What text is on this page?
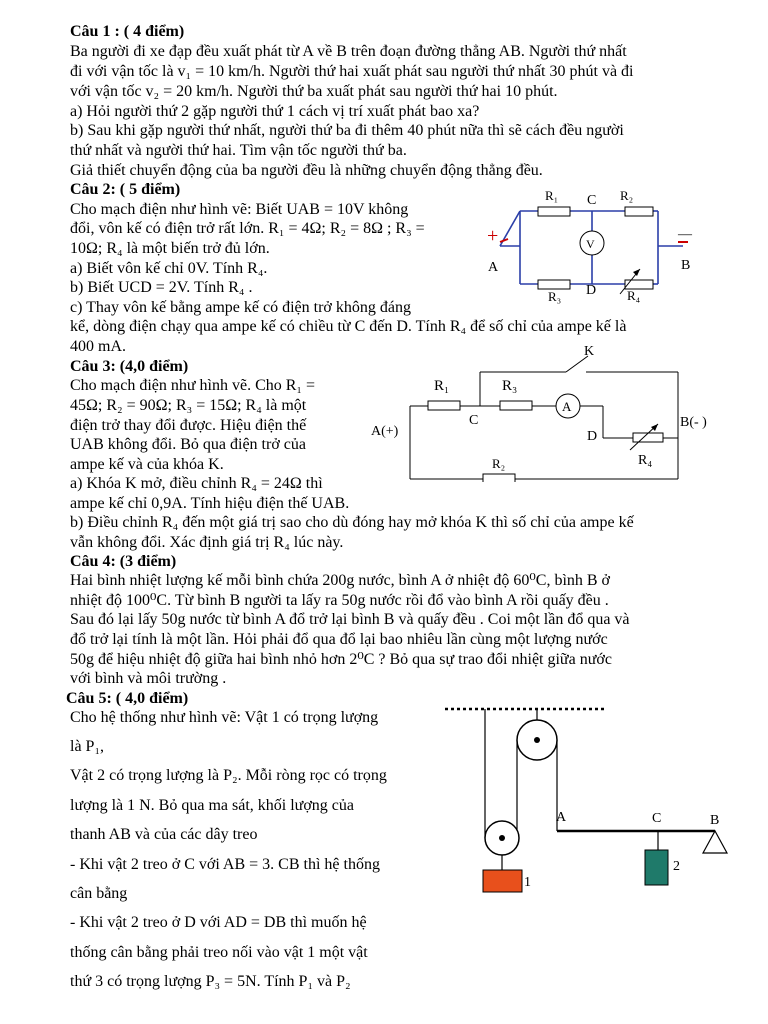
Câu 1 : ( 4 điểm)
Ba người đi xe đạp đều xuất phát từ A về B trên đoạn đường thẳng AB. Người thứ nhất
đi với vận tốc là v₁ = 10 km/h. Người thứ hai xuất phát sau người thứ nhất 30 phút và đi
với vận tốc v₂ = 20 km/h. Người thứ ba xuất phát sau người thứ hai 10 phút.
a) Hỏi người thứ 2 gặp người thứ 1 cách vị trí xuất phát bao xa?
b) Sau khi gặp người thứ nhất, người thứ ba đi thêm 40 phút nữa thì sẽ cách đều người
thứ nhất và người thứ hai. Tìm vận tốc người thứ ba.
Giả thiết chuyển động của ba người đều là những chuyển động thẳng đều.
Câu 2: ( 5 điểm)
Cho mạch điện như hình vẽ: Biết UAB = 10V không
đổi, vôn kế có điện trở rất lớn. R₁ = 4Ω; R₂ = 8Ω ; R₃ =
10Ω; R₄ là một biến trở đủ lớn.
a) Biết vôn kế chỉ 0V. Tính R₄.
b) Biết UCD = 2V. Tính R₄ .
c) Thay vôn kế bằng ampe kế có điện trở không đáng
kể, dòng điện chạy qua ampe kế có chiều từ C đến D. Tính R₄ để số chỉ của ampe kế là
400 mA.
R₁ C R₂
+	—
A
V
B
R₃ D R₄
Câu 3: (4,0 điểm)
Cho mạch điện như hình vẽ. Cho R₁ =
45Ω; R₂ = 90Ω; R₃ = 15Ω; R₄ là một
điện trở thay đổi được. Hiệu điện thế
UAB không đổi. Bỏ qua điện trở của
ampe kế và của khóa K.
a) Khóa K mở, điều chỉnh R₄ = 24Ω thì
ampe kế chỉ 0,9A. Tính hiệu điện thế UAB.
b) Điều chỉnh R₄ đến một giá trị sao cho dù đóng hay mở khóa K thì số chỉ của ampe kế
vẫn không đổi. Xác định giá trị R₄ lúc này.
K
R₁	R₃
A(+)
C
A
B(- )
D
R₄
R₂
Câu 4: (3 điểm)
Hai bình nhiệt lượng kế mỗi bình chứa 200g nước, bình A ở nhiệt độ 60⁰C, bình B ở
nhiệt độ 100⁰C. Từ bình B người ta lấy ra 50g nước rồi đổ vào bình A rồi quấy đều .
Sau đó lại lấy 50g nước từ bình A đổ trở lại bình B và quấy đều . Coi một lần đổ qua và
đổ trở lại tính là một lần. Hỏi phải đổ qua đổ lại bao nhiêu lần cùng một lượng nước
50g để hiệu nhiệt độ giữa hai bình nhỏ hơn 2⁰C ? Bỏ qua sự trao đổi nhiệt giữa nước
với bình và môi trường .
Câu 5: ( 4,0 điểm)
Cho hệ thống như hình vẽ: Vật 1 có trọng lượng
là P₁,
Vật 2 có trọng lượng là P₂. Mỗi ròng rọc có trọng
lượng là 1 N. Bỏ qua ma sát, khối lượng của
thanh AB và của các dây treo
- Khi vật 2 treo ở C với AB = 3. CB thì hệ thống
cân bằng
- Khi vật 2 treo ở D với AD = DB thì muốn hệ
thống cân bằng phải treo nối vào vật 1 một vật
thứ 3 có trọng lượng P₃ = 5N. Tính P₁ và P₂
A	C	B
1
2
